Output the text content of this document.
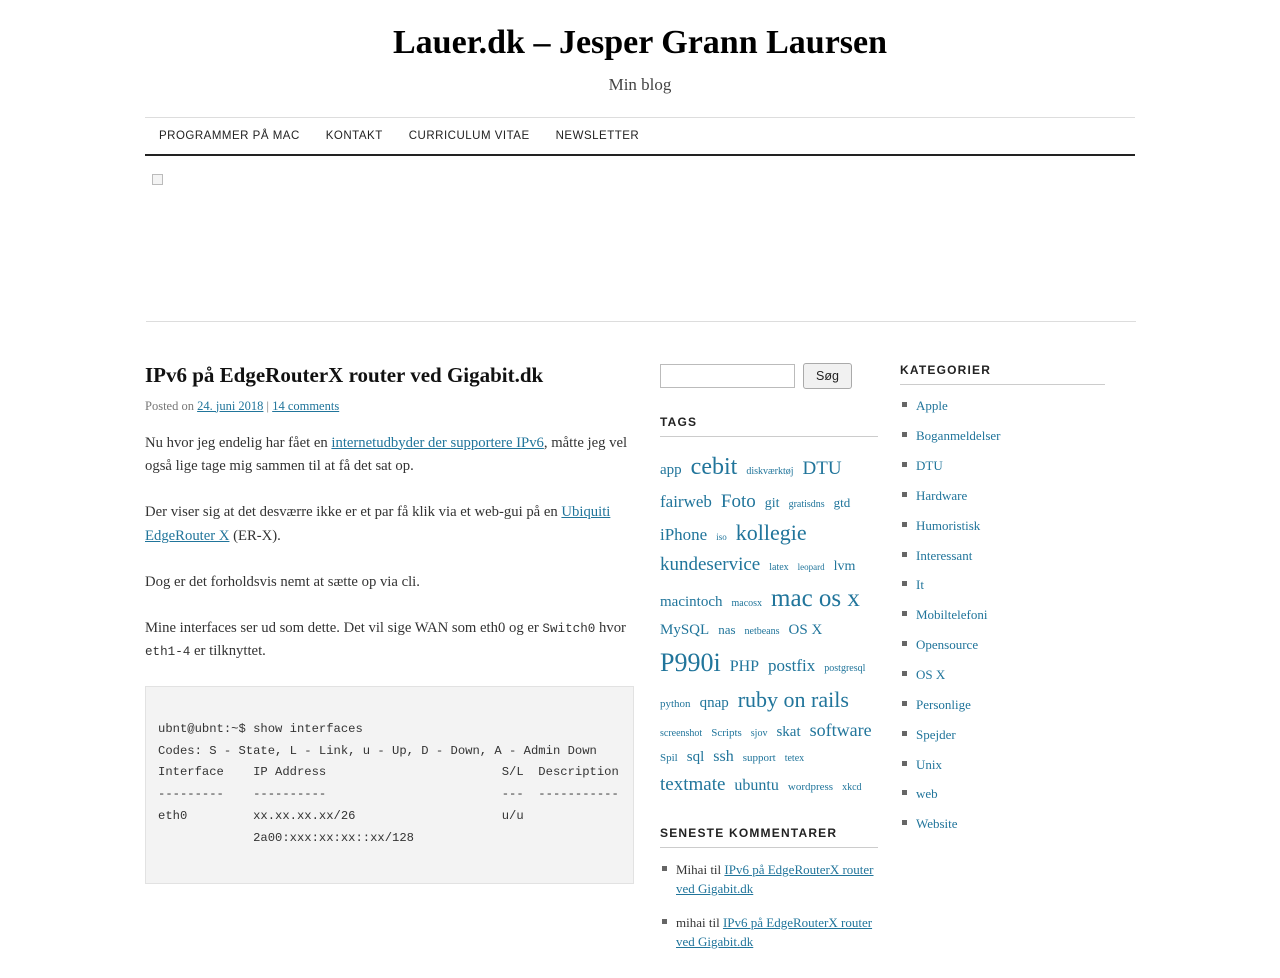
Lauer.dk – Jesper Grann Laursen
Min blog
PROGRAMMER PÅ MAC	KONTAKT	CURRICULUM VITAE	NEWSLETTER
IPv6 på EdgeRouterX router ved Gigabit.dk
Posted on 24. juni 2018 | 14 comments

Nu hvor jeg endelig har fået en internetudbyder der supportere IPv6, måtte jeg vel også lige tage mig sammen til at få det sat op.

Der viser sig at det desværre ikke er et par få klik via et web-gui på en Ubiquiti EdgeRouter X (ER-X).

Dog er det forholdsvis nemt at sætte op via cli.

Mine interfaces ser ud som dette. Det vil sige WAN som eth0 og er Switch0 hvor eth1-4 er tilknyttet.

ubnt@ubnt:~$ show interfaces
Codes: S - State, L - Link, u - Up, D - Down, A - Admin Down
Interface    IP Address                        S/L  Description
---------    ----------                        ---  -----------
eth0         xx.xx.xx.xx/26                    u/u
2a00:xxx:xx:xx::xx/128

Søg
TAGS
app cebit diskværktøj DTU fairweb Foto git gratisdns gtd iPhone iso kollegie kundeservice latex leopard lvm macintoch macosx mac os x MySQL nas netbeans OS X P990i PHP postfix postgresql python qnap ruby on rails screenshot Scripts sjov skat software Spil sql ssh support tetex textmate ubuntu wordpress xkcd
SENESTE KOMMENTARER
Mihai til IPv6 på EdgeRouterX router ved Gigabit.dk
mihai til IPv6 på EdgeRouterX router ved Gigabit.dk
KATEGORIER
Apple
Boganmeldelser
DTU
Hardware
Humoristisk
Interessant
It
Mobiltelefoni
Opensource
OS X
Personlige
Spejder
Unix
web
Website
